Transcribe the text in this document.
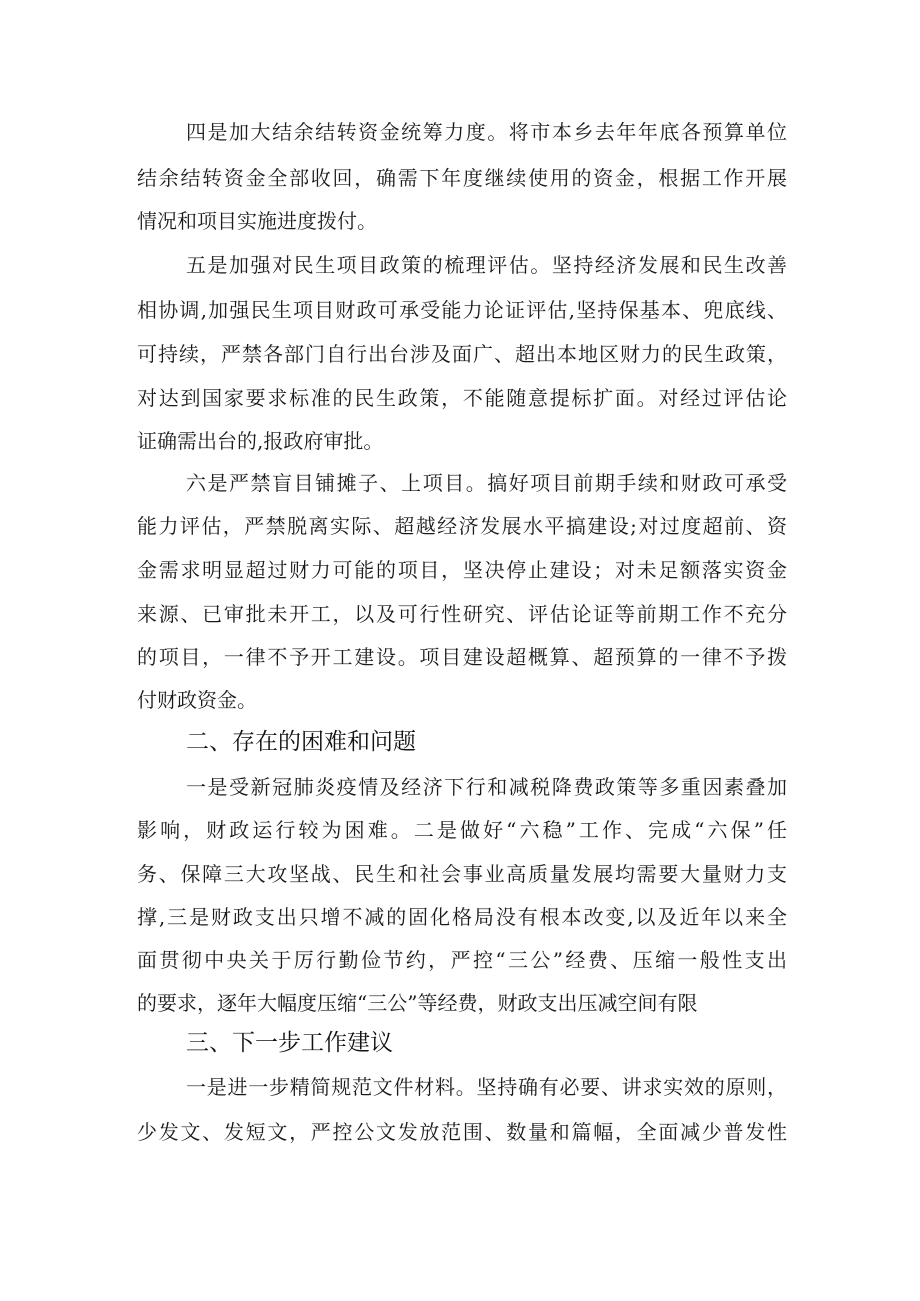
四是加大结余结转资金统筹力度。将市本乡去年年底各预算单位
结余结转资金全部收回，确需下年度继续使用的资金，根据工作开展
情况和项目实施进度拨付。
五是加强对民生项目政策的梳理评估。坚持经济发展和民生改善
相协调,加强民生项目财政可承受能力论证评估,坚持保基本、兜底线、
可持续，严禁各部门自行出台涉及面广、超出本地区财力的民生政策，
对达到国家要求标准的民生政策，不能随意提标扩面。对经过评估论
证确需出台的,报政府审批。
六是严禁盲目铺摊子、上项目。搞好项目前期手续和财政可承受
能力评估，严禁脱离实际、超越经济发展水平搞建设;对过度超前、资
金需求明显超过财力可能的项目，坚决停止建设；对未足额落实资金
来源、已审批未开工，以及可行性研究、评估论证等前期工作不充分
的项目，一律不予开工建设。项目建设超概算、超预算的一律不予拨
付财政资金。
二、存在的困难和问题
一是受新冠肺炎疫情及经济下行和减税降费政策等多重因素叠加
影响，财政运行较为困难。二是做好“六稳”工作、完成“六保”任
务、保障三大攻坚战、民生和社会事业高质量发展均需要大量财力支
撑,三是财政支出只增不减的固化格局没有根本改变,以及近年以来全
面贯彻中央关于厉行勤俭节约，严控“三公”经费、压缩一般性支出
的要求，逐年大幅度压缩“三公”等经费，财政支出压减空间有限
三、下一步工作建议
一是进一步精简规范文件材料。坚持确有必要、讲求实效的原则，
少发文、发短文，严控公文发放范围、数量和篇幅，全面减少普发性
